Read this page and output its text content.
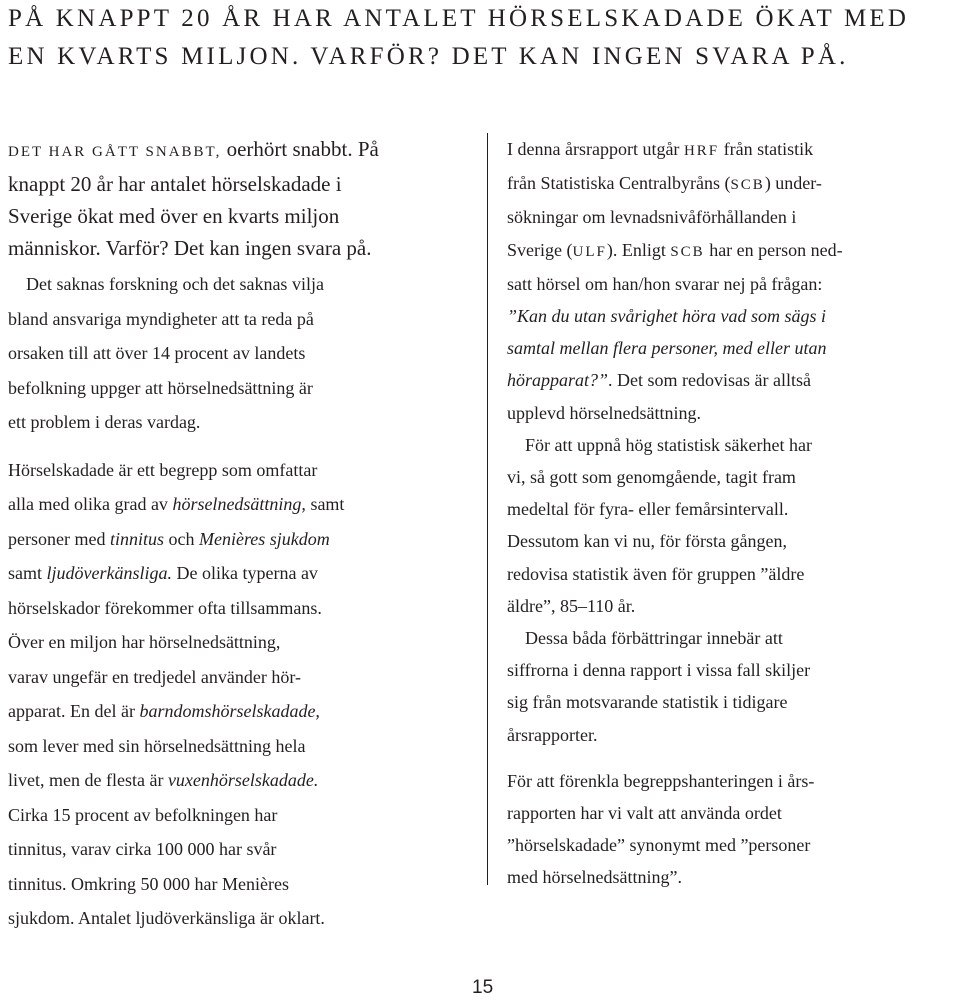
PÅ KNAPPT 20 ÅR HAR ANTALET HÖRSELSKADADE ÖKAT MED
EN KVARTS MILJON. VARFÖR? DET KAN INGEN SVARA PÅ.
DET HAR GÅTT SNABBT, oerhört snabbt. På
knappt 20 år har antalet hörselskadade i
Sverige ökat med över en kvarts miljon
människor. Varför? Det kan ingen svara på.
Det saknas forskning och det saknas vilja
bland ansvariga myndigheter att ta reda på
orsaken till att över 14 procent av landets
befolkning uppger att hörselnedsättning är
ett problem i deras vardag.
Hörselskadade är ett begrepp som omfattar
alla med olika grad av hörselnedsättning, samt
personer med tinnitus och Menières sjukdom
samt ljudöverkänsliga. De olika typerna av
hörselskador förekommer ofta tillsammans.
Över en miljon har hörselnedsättning,
varav ungefär en tredjedel använder hör-
apparat. En del är barndomshörselskadade,
som lever med sin hörselnedsättning hela
livet, men de flesta är vuxenhörselskadade.
Cirka 15 procent av befolkningen har
tinnitus, varav cirka 100 000 har svår
tinnitus. Omkring 50 000 har Menières
sjukdom. Antalet ljudöverkänsliga är oklart.
I denna årsrapport utgår HRF från statistik
från Statistiska Centralbyråns (SCB) under-
sökningar om levnadsnivåförhållanden i
Sverige (ULF). Enligt SCB har en person ned-
satt hörsel om han/hon svarar nej på frågan:
”Kan du utan svårighet höra vad som sägs i
samtal mellan flera personer, med eller utan
hörapparat?”. Det som redovisas är alltså
upplevd hörselnedsättning.
För att uppnå hög statistisk säkerhet har
vi, så gott som genomgående, tagit fram
medeltal för fyra- eller femårsintervall.
Dessutom kan vi nu, för första gången,
redovisa statistik även för gruppen ”äldre
äldre”, 85–110 år.
Dessa båda förbättringar innebär att
siffrorna i denna rapport i vissa fall skiljer
sig från motsvarande statistik i tidigare
årsrapporter.
För att förenkla begreppshanteringen i års-
rapporten har vi valt att använda ordet
”hörselskadade” synonymt med ”personer
med hörselnedsättning”.
15
